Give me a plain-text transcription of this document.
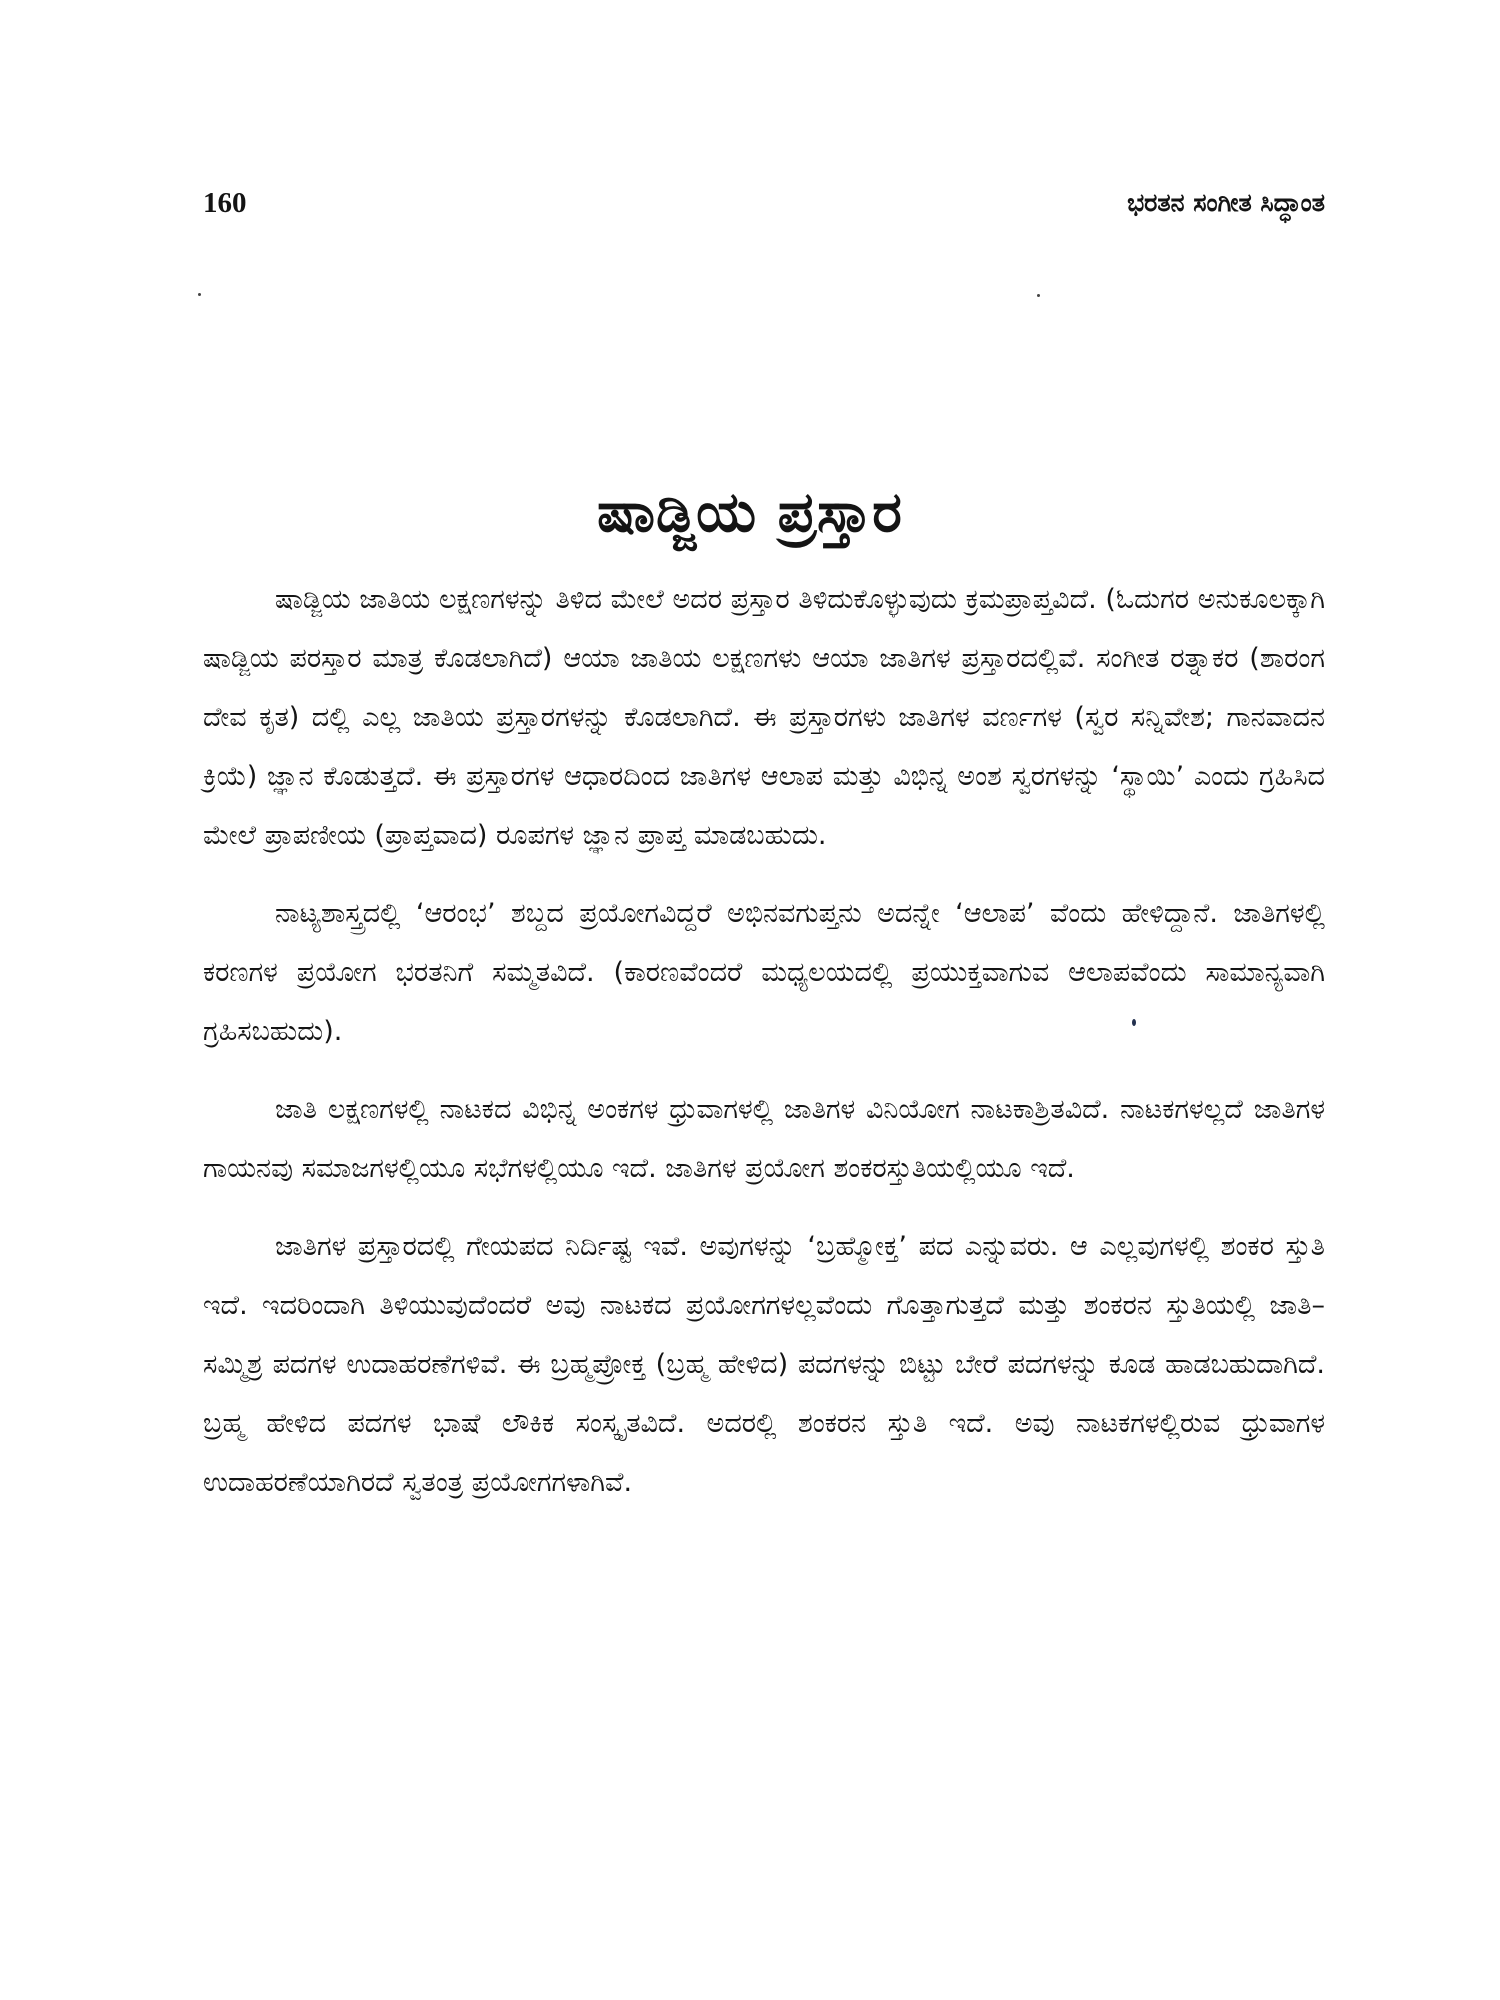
160	ಭರತನ ಸಂಗೀತ ಸಿದ್ಧಾಂತ
ಷಾಡ್ಜಿಯ ಪ್ರಸ್ತಾರ

ಷಾಡ್ಜಿಯ ಜಾತಿಯ ಲಕ್ಷಣಗಳನ್ನು ತಿಳಿದ ಮೇಲೆ ಅದರ ಪ್ರಸ್ತಾರ ತಿಳಿದುಕೊಳ್ಳುವುದು ಕ್ರಮಪ್ರಾಪ್ತವಿದೆ. (ಓದುಗರ ಅನುಕೂಲಕ್ಕಾಗಿ ಷಾಡ್ಜಿಯ ಪರಸ್ತಾರ ಮಾತ್ರ ಕೊಡಲಾಗಿದೆ) ಆಯಾ ಜಾತಿಯ ಲಕ್ಷಣಗಳು ಆಯಾ ಜಾತಿಗಳ ಪ್ರಸ್ತಾರದಲ್ಲಿವೆ. ಸಂಗೀತ ರತ್ನಾಕರ (ಶಾರಂಗ ದೇವ ಕೃತ) ದಲ್ಲಿ ಎಲ್ಲ ಜಾತಿಯ ಪ್ರಸ್ತಾರಗಳನ್ನು ಕೊಡಲಾಗಿದೆ. ಈ ಪ್ರಸ್ತಾರಗಳು ಜಾತಿಗಳ ವರ್ಣಗಳ (ಸ್ವರ ಸನ್ನಿವೇಶ; ಗಾನವಾದನ ಕ್ರಿಯೆ) ಜ್ಞಾನ ಕೊಡುತ್ತದೆ. ಈ ಪ್ರಸ್ತಾರಗಳ ಆಧಾರದಿಂದ ಜಾತಿಗಳ ಆಲಾಪ ಮತ್ತು ವಿಭಿನ್ನ ಅಂಶ ಸ್ವರಗಳನ್ನು ‘ಸ್ಥಾಯಿ’ ಎಂದು ಗ್ರಹಿಸಿದ ಮೇಲೆ ಪ್ರಾಪಣೀಯ (ಪ್ರಾಪ್ತವಾದ) ರೂಪಗಳ ಜ್ಞಾನ ಪ್ರಾಪ್ತ ಮಾಡಬಹುದು.

ನಾಟ್ಯಶಾಸ್ತ್ರದಲ್ಲಿ ‘ಆರಂಭ’ ಶಬ್ದದ ಪ್ರಯೋಗವಿದ್ದರೆ ಅಭಿನವಗುಪ್ತನು ಅದನ್ನೇ ‘ಆಲಾಪ’ ವೆಂದು ಹೇಳಿದ್ದಾನೆ. ಜಾತಿಗಳಲ್ಲಿ ಕರಣಗಳ ಪ್ರಯೋಗ ಭರತನಿಗೆ ಸಮ್ಮತವಿದೆ. (ಕಾರಣವೆಂದರೆ ಮಧ್ಯಲಯದಲ್ಲಿ ಪ್ರಯುಕ್ತವಾಗುವ ಆಲಾಪವೆಂದು ಸಾಮಾನ್ಯವಾಗಿ ಗ್ರಹಿಸಬಹುದು).

ಜಾತಿ ಲಕ್ಷಣಗಳಲ್ಲಿ ನಾಟಕದ ವಿಭಿನ್ನ ಅಂಕಗಳ ಧ್ರುವಾಗಳಲ್ಲಿ ಜಾತಿಗಳ ವಿನಿಯೋಗ ನಾಟಕಾಶ್ರಿತವಿದೆ. ನಾಟಕಗಳಲ್ಲದೆ ಜಾತಿಗಳ ಗಾಯನವು ಸಮಾಜಗಳಲ್ಲಿಯೂ ಸಭೆಗಳಲ್ಲಿಯೂ ಇದೆ. ಜಾತಿಗಳ ಪ್ರಯೋಗ ಶಂಕರಸ್ತುತಿಯಲ್ಲಿಯೂ ಇದೆ.

ಜಾತಿಗಳ ಪ್ರಸ್ತಾರದಲ್ಲಿ ಗೇಯಪದ ನಿರ್ದಿಷ್ಟ ಇವೆ. ಅವುಗಳನ್ನು ‘ಬ್ರಹ್ಮೋಕ್ತ’ ಪದ ಎನ್ನುವರು. ಆ ಎಲ್ಲವುಗಳಲ್ಲಿ ಶಂಕರ ಸ್ತುತಿ ಇದೆ. ಇದರಿಂದಾಗಿ ತಿಳಿಯುವುದೆಂದರೆ ಅವು ನಾಟಕದ ಪ್ರಯೋಗಗಳಲ್ಲವೆಂದು ಗೊತ್ತಾಗುತ್ತದೆ ಮತ್ತು ಶಂಕರನ ಸ್ತುತಿಯಲ್ಲಿ ಜಾತಿ–ಸಮ್ಮಿಶ್ರ ಪದಗಳ ಉದಾಹರಣೆಗಳಿವೆ. ಈ ಬ್ರಹ್ಮಪ್ರೋಕ್ತ (ಬ್ರಹ್ಮ ಹೇಳಿದ) ಪದಗಳನ್ನು ಬಿಟ್ಟು ಬೇರೆ ಪದಗಳನ್ನು ಕೂಡ ಹಾಡಬಹುದಾಗಿದೆ. ಬ್ರಹ್ಮ ಹೇಳಿದ ಪದಗಳ ಭಾಷೆ ಲೌಕಿಕ ಸಂಸ್ಕೃತವಿದೆ. ಅದರಲ್ಲಿ ಶಂಕರನ ಸ್ತುತಿ ಇದೆ. ಅವು ನಾಟಕಗಳಲ್ಲಿರುವ ಧ್ರುವಾಗಳ ಉದಾಹರಣೆಯಾಗಿರದೆ ಸ್ವತಂತ್ರ ಪ್ರಯೋಗಗಳಾಗಿವೆ.
